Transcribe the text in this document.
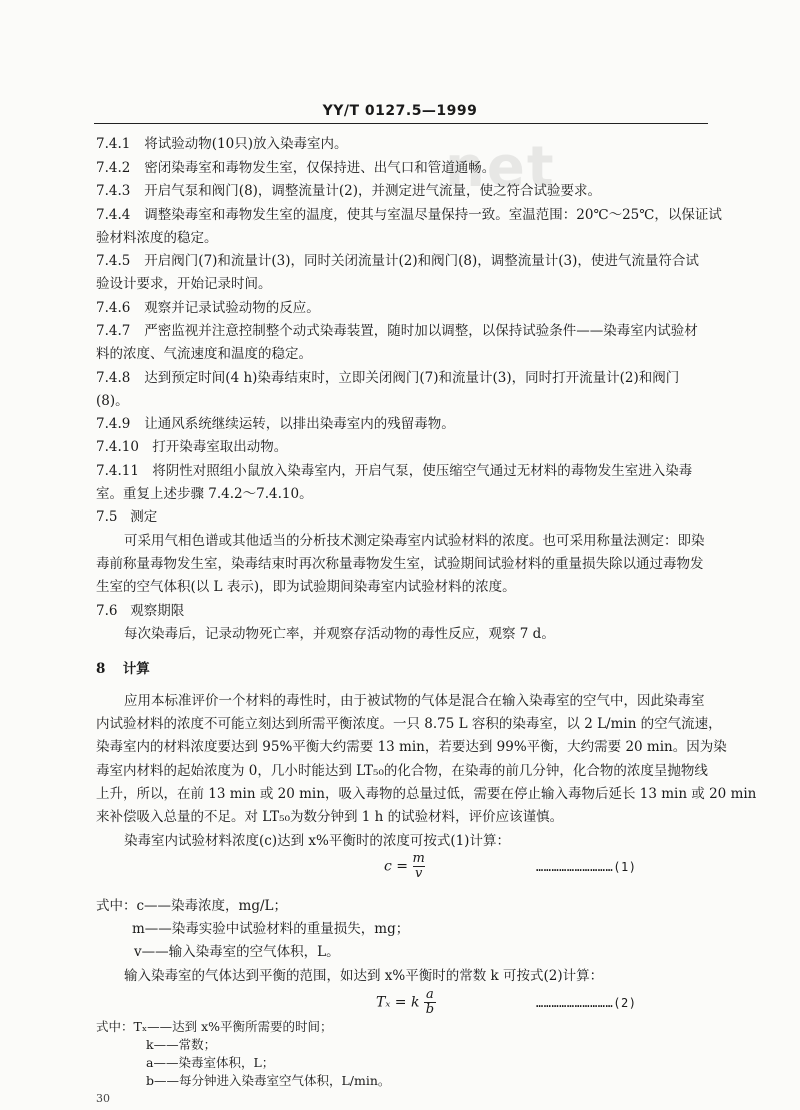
net
YY/T 0127.5—1999
7.4.1 将试验动物(10只)放入染毒室内。
7.4.2 密闭染毒室和毒物发生室，仅保持进、出气口和管道通畅。
7.4.3 开启气泵和阀门(8)，调整流量计(2)，并测定进气流量，使之符合试验要求。
7.4.4 调整染毒室和毒物发生室的温度，使其与室温尽量保持一致。室温范围：20℃～25℃，以保证试
验材料浓度的稳定。
7.4.5 开启阀门(7)和流量计(3)，同时关闭流量计(2)和阀门(8)，调整流量计(3)，使进气流量符合试
验设计要求，开始记录时间。
7.4.6 观察并记录试验动物的反应。
7.4.7 严密监视并注意控制整个动式染毒装置，随时加以调整，以保持试验条件——染毒室内试验材
料的浓度、气流速度和温度的稳定。
7.4.8 达到预定时间(4 h)染毒结束时，立即关闭阀门(7)和流量计(3)，同时打开流量计(2)和阀门
(8)。
7.4.9 让通风系统继续运转，以排出染毒室内的残留毒物。
7.4.10 打开染毒室取出动物。
7.4.11 将阴性对照组小鼠放入染毒室内，开启气泵，使压缩空气通过无材料的毒物发生室进入染毒
室。重复上述步骤 7.4.2～7.4.10。
7.5 测定
可采用气相色谱或其他适当的分析技术测定染毒室内试验材料的浓度。也可采用称量法测定：即染
毒前称量毒物发生室，染毒结束时再次称量毒物发生室，试验期间试验材料的重量损失除以通过毒物发
生室的空气体积(以 L 表示)，即为试验期间染毒室内试验材料的浓度。
7.6 观察期限
每次染毒后，记录动物死亡率，并观察存活动物的毒性反应，观察 7 d。
8 计算
应用本标准评价一个材料的毒性时，由于被试物的气体是混合在输入染毒室的空气中，因此染毒室
内试验材料的浓度不可能立刻达到所需平衡浓度。一只 8.75 L 容积的染毒室，以 2 L/min 的空气流速，
染毒室内的材料浓度要达到 95%平衡大约需要 13 min，若要达到 99%平衡，大约需要 20 min。因为染
毒室内材料的起始浓度为 0，几小时能达到 LT₅₀的化合物，在染毒的前几分钟，化合物的浓度呈抛物线
上升，所以，在前 13 min 或 20 min，吸入毒物的总量过低，需要在停止输入毒物后延长 13 min 或 20 min
来补偿吸入总量的不足。对 LT₅₀为数分钟到 1 h 的试验材料，评价应该谨慎。
染毒室内试验材料浓度(c)达到 x%平衡时的浓度可按式(1)计算：
$c = \frac{m}{v}$	…………………………(1)
式中：c——染毒浓度，mg/L；
m——染毒实验中试验材料的重量损失，mg；
v——输入染毒室的空气体积，L。
输入染毒室的气体达到平衡的范围，如达到 x%平衡时的常数 k 可按式(2)计算：
Tₓ = k $\frac{a}{b}$	…………………………(2)
式中：Tₓ——达到 x%平衡所需要的时间；
k——常数；
a——染毒室体积，L；
b——每分钟进入染毒室空气体积，L/min。
30
